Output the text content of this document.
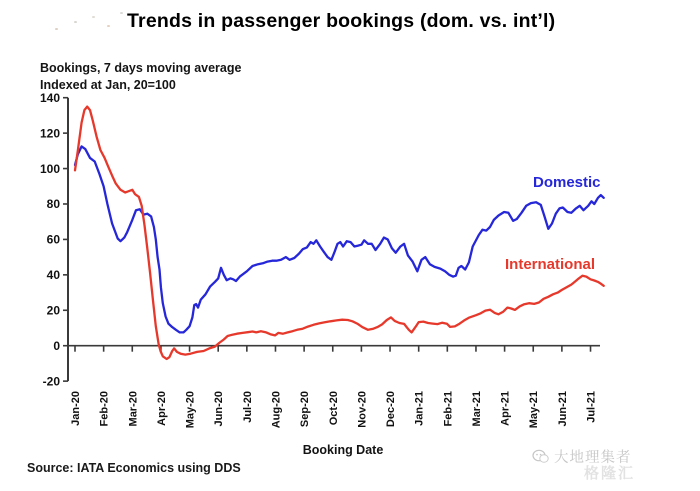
Trends in passenger bookings (dom. vs. int’l)
Bookings, 7 days moving average
Indexed at Jan, 20=100
-20
0
20
40
60
80
100
120
140
Jan-20 Feb-20 Mar-20 Apr-20 May-20 Jun-20 Jul-20 Aug-20 Sep-20 Oct-20 Nov-20 Dec-20 Jan-21 Feb-21 Mar-21 Apr-21 May-21 Jun-21 Jul-21
Domestic
International
Booking Date
Source: IATA Economics using DDS
大地理集者
格隆汇
